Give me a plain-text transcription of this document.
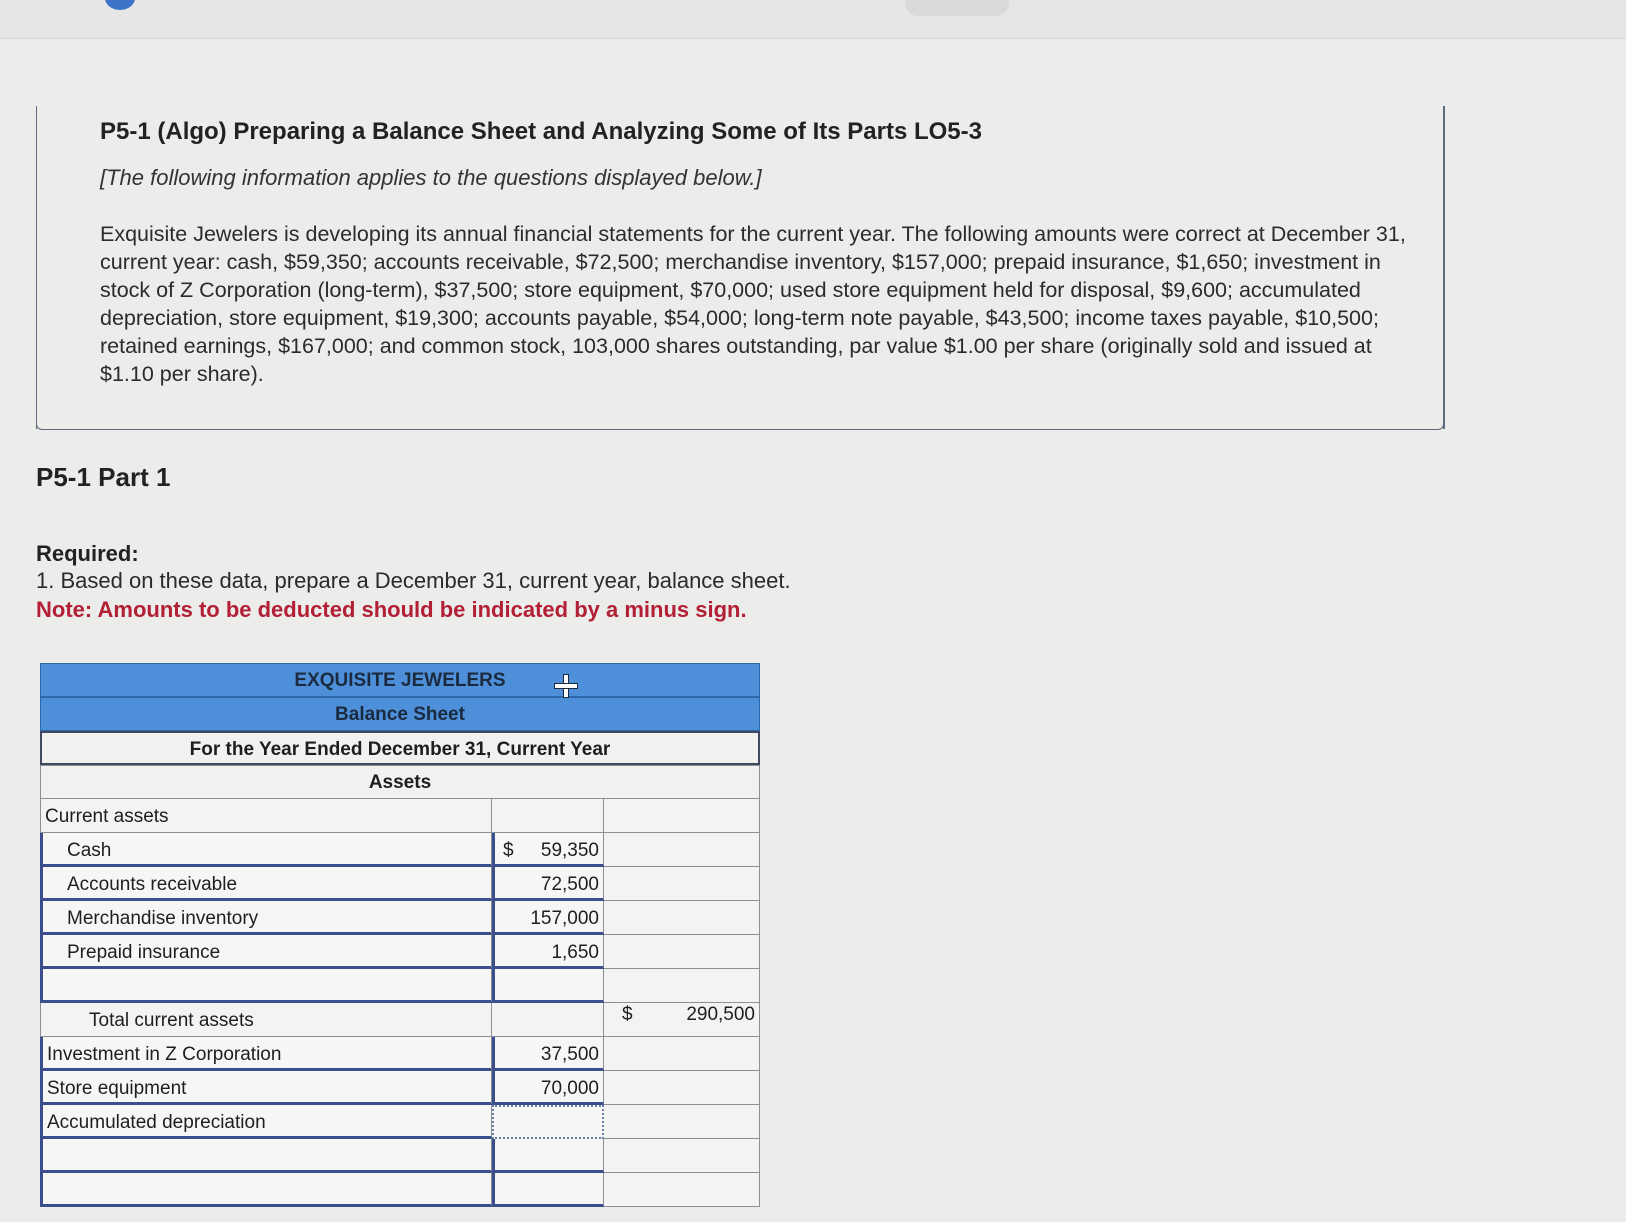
P5-1 (Algo) Preparing a Balance Sheet and Analyzing Some of Its Parts LO5-3
[The following information applies to the questions displayed below.]
Exquisite Jewelers is developing its annual financial statements for the current year. The following amounts were correct at December 31, current year: cash, $59,350; accounts receivable, $72,500; merchandise inventory, $157,000; prepaid insurance, $1,650; investment in stock of Z Corporation (long-term), $37,500; store equipment, $70,000; used store equipment held for disposal, $9,600; accumulated depreciation, store equipment, $19,300; accounts payable, $54,000; long-term note payable, $43,500; income taxes payable, $10,500; retained earnings, $167,000; and common stock, 103,000 shares outstanding, par value $1.00 per share (originally sold and issued at $1.10 per share).
P5-1 Part 1
Required:
1. Based on these data, prepare a December 31, current year, balance sheet.
Note: Amounts to be deducted should be indicated by a minus sign.
EXQUISITE JEWELERS
Balance Sheet
For the Year Ended December 31, Current Year
Assets
Current assets
Cash	$ 59,350
Accounts receivable	72,500
Merchandise inventory	157,000
Prepaid insurance	1,650
Total current assets	$	290,500
Investment in Z Corporation	37,500
Store equipment	70,000
Accumulated depreciation
